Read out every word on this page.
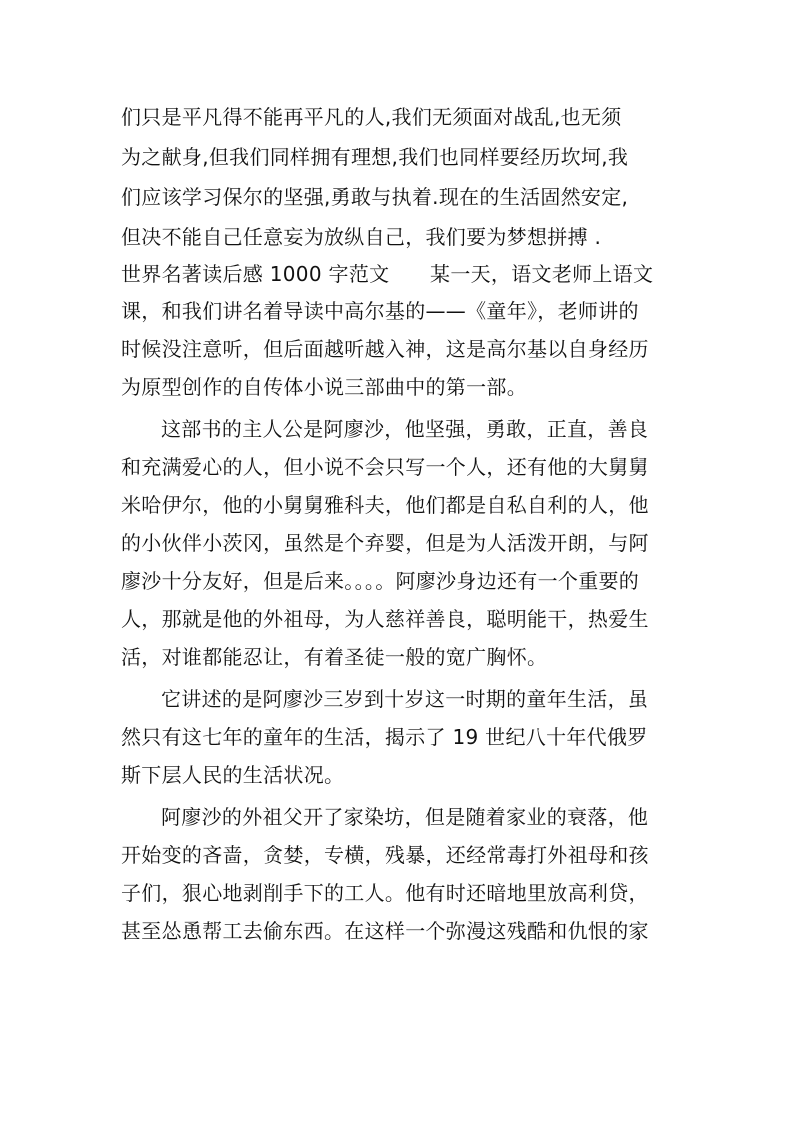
们只是平凡得不能再平凡的人,我们无须面对战乱,也无须
为之献身,但我们同样拥有理想,我们也同样要经历坎坷,我
们应该学习保尔的坚强,勇敢与执着.现在的生活固然安定,
但决不能自己任意妄为放纵自己，我们要为梦想拼搏 .
世界名著读后感 1000 字范文　　某一天，语文老师上语文
课，和我们讲名着导读中高尔基的——《童年》，老师讲的
时候没注意听，但后面越听越入神，这是高尔基以自身经历
为原型创作的自传体小说三部曲中的第一部。
这部书的主人公是阿廖沙，他坚强，勇敢，正直，善良
和充满爱心的人，但小说不会只写一个人，还有他的大舅舅
米哈伊尔，他的小舅舅雅科夫，他们都是自私自利的人，他
的小伙伴小茨冈，虽然是个弃婴，但是为人活泼开朗，与阿
廖沙十分友好，但是后来。。。。阿廖沙身边还有一个重要的
人，那就是他的外祖母，为人慈祥善良，聪明能干，热爱生
活，对谁都能忍让，有着圣徒一般的宽广胸怀。
它讲述的是阿廖沙三岁到十岁这一时期的童年生活，虽
然只有这七年的童年的生活，揭示了 19 世纪八十年代俄罗
斯下层人民的生活状况。
阿廖沙的外祖父开了家染坊，但是随着家业的衰落，他
开始变的吝啬，贪婪，专横，残暴，还经常毒打外祖母和孩
子们，狠心地剥削手下的工人。他有时还暗地里放高利贷，
甚至怂恿帮工去偷东西。在这样一个弥漫这残酷和仇恨的家
